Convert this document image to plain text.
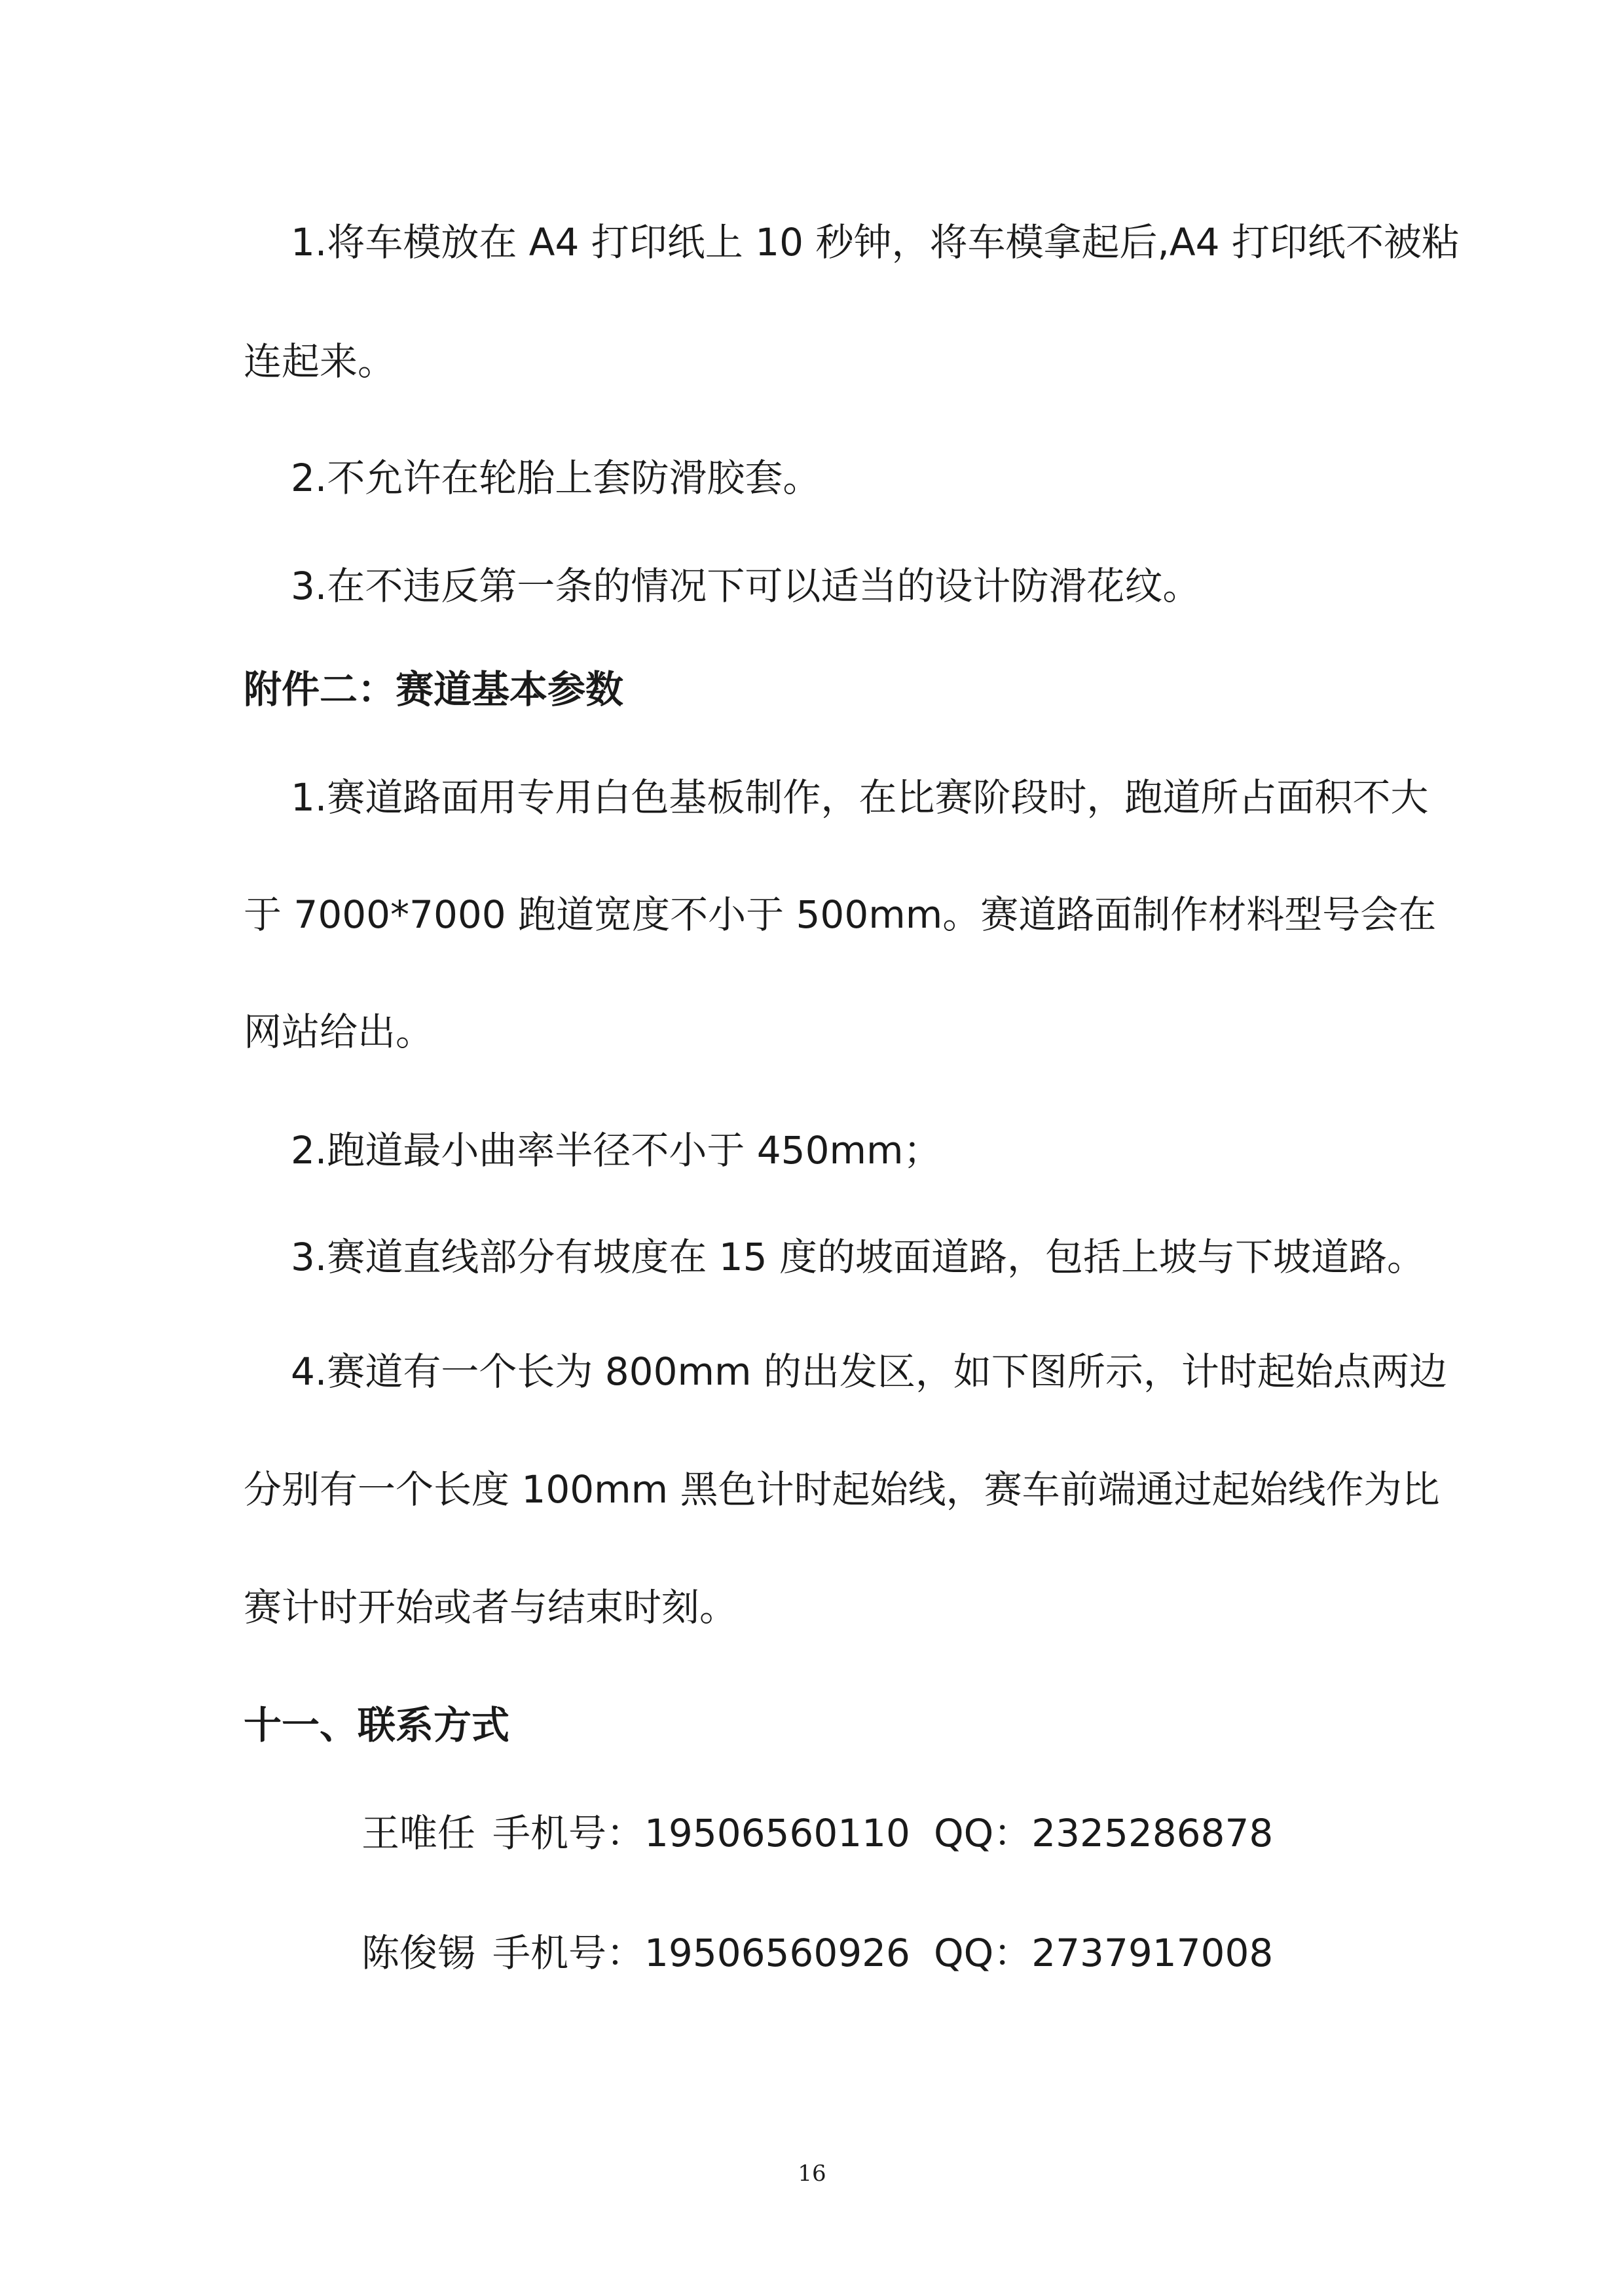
1.将车模放在 A4 打印纸上 10 秒钟，将车模拿起后,A4 打印纸不被粘
连起来。
2.不允许在轮胎上套防滑胶套。
3.在不违反第一条的情况下可以适当的设计防滑花纹。
附件二：赛道基本参数
1.赛道路面用专用白色基板制作，在比赛阶段时，跑道所占面积不大
于 7000*7000 跑道宽度不小于 500mm。赛道路面制作材料型号会在
网站给出。
2.跑道最小曲率半径不小于 450mm；
3.赛道直线部分有坡度在 15 度的坡面道路，包括上坡与下坡道路。
4.赛道有一个长为 800mm 的出发区，如下图所示，计时起始点两边
分别有一个长度 100mm 黑色计时起始线，赛车前端通过起始线作为比
赛计时开始或者与结束时刻。
十一、联系方式
王唯任 手机号：19506560110 QQ：2325286878
陈俊锡 手机号：19506560926 QQ：2737917008
16
